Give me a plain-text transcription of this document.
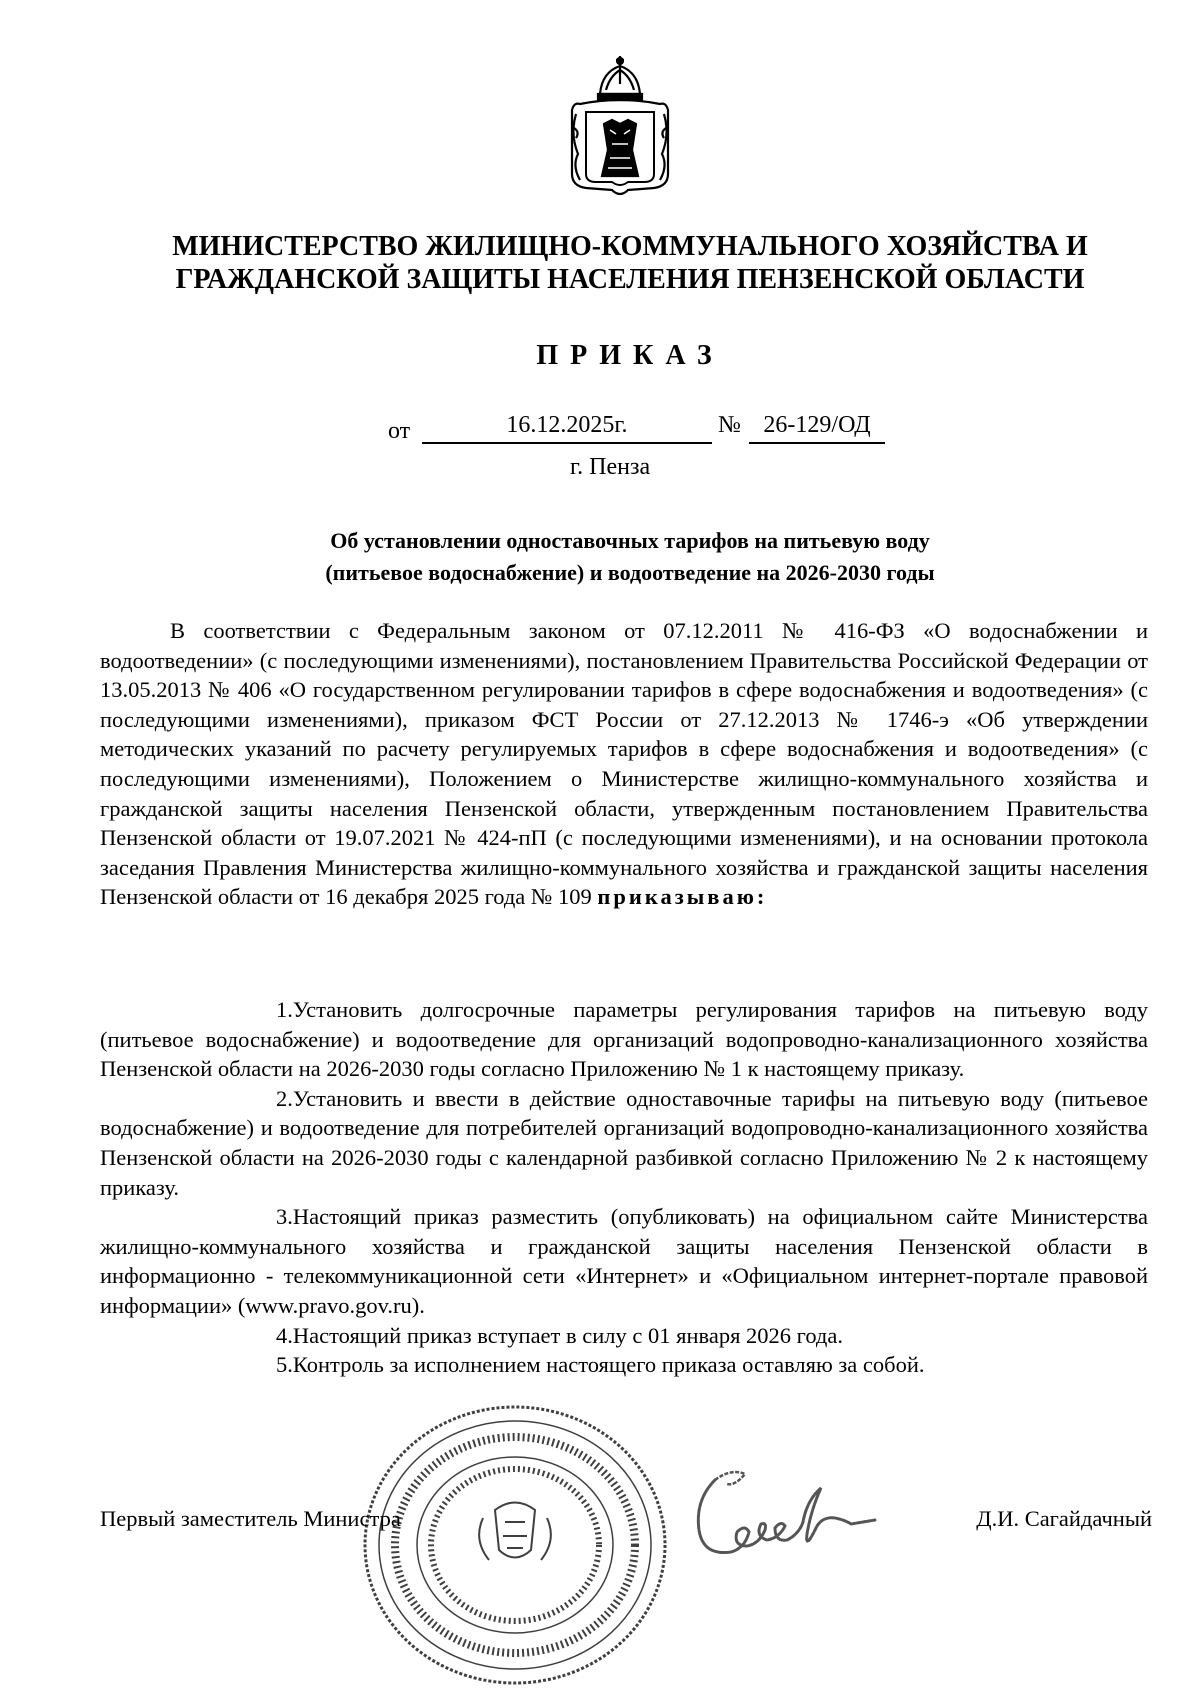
МИНИСТЕРСТВО ЖИЛИЩНО-КОММУНАЛЬНОГО ХОЗЯЙСТВА И
ГРАЖДАНСКОЙ ЗАЩИТЫ НАСЕЛЕНИЯ ПЕНЗЕНСКОЙ ОБЛАСТИ
ПРИКАЗ
от	16.12.2025г.	№ 26-129/ОД
г. Пенза
Об установлении одноставочных тарифов на питьевую воду
(питьевое водоснабжение) и водоотведение на 2026-2030 годы
В соответствии с Федеральным законом от 07.12.2011 № 416-ФЗ «О водоснабжении и водоотведении» (с последующими изменениями), постановлением Правительства Российской Федерации от 13.05.2013 № 406 «О государственном регулировании тарифов в сфере водоснабжения и водоотведения» (с последующими изменениями), приказом ФСТ России от 27.12.2013 № 1746-э «Об утверждении методических указаний по расчету регулируемых тарифов в сфере водоснабжения и водоотведения» (с последующими изменениями), Положением о Министерстве жилищно-коммунального хозяйства и гражданской защиты населения Пензенской области, утвержденным постановлением Правительства Пензенской области от 19.07.2021 № 424-пП (с последующими изменениями), и на основании протокола заседания Правления Министерства жилищно-коммунального хозяйства и гражданской защиты населения Пензенской области от 16 декабря 2025 года № 109 приказываю:

1.Установить долгосрочные параметры регулирования тарифов на питьевую воду (питьевое водоснабжение) и водоотведение для организаций водопроводно-канализационного хозяйства Пензенской области на 2026-2030 годы согласно Приложению № 1 к настоящему приказу.

2.Установить и ввести в действие одноставочные тарифы на питьевую воду (питьевое водоснабжение) и водоотведение для потребителей организаций водопроводно-канализационного хозяйства Пензенской области на 2026-2030 годы с календарной разбивкой согласно Приложению № 2 к настоящему приказу.

3.Настоящий приказ разместить (опубликовать) на официальном сайте Министерства жилищно-коммунального хозяйства и гражданской защиты населения Пензенской области в информационно - телекоммуникационной сети «Интернет» и «Официальном интернет-портале правовой информации» (www.pravo.gov.ru).

4.Настоящий приказ вступает в силу с 01 января 2026 года.

5.Контроль за исполнением настоящего приказа оставляю за собой.

Первый заместитель Министра	Д.И. Сагайдачный
